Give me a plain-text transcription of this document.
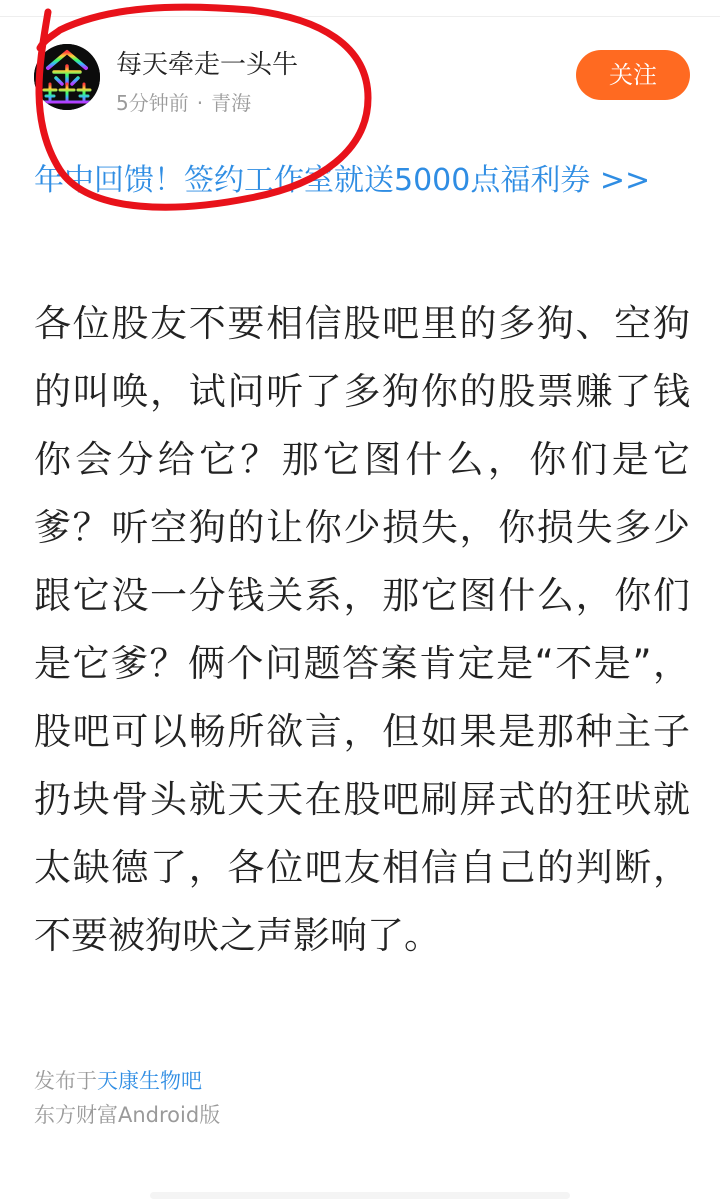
每天牵走一头牛
5分钟前 · 青海
关注
年中回馈！签约工作室就送5000点福利券 >>
各位股友不要相信股吧里的多狗、空狗的叫唤，试问听了多狗你的股票赚了钱你会分给它？那它图什么，你们是它爹？听空狗的让你少损失，你损失多少跟它没一分钱关系，那它图什么，你们是它爹？俩个问题答案肯定是“不是”，股吧可以畅所欲言，但如果是那种主子扔块骨头就天天在股吧刷屏式的狂吠就太缺德了，各位吧友相信自己的判断，不要被狗吠之声影响了。
发布于天康生物吧
东方财富Android版
